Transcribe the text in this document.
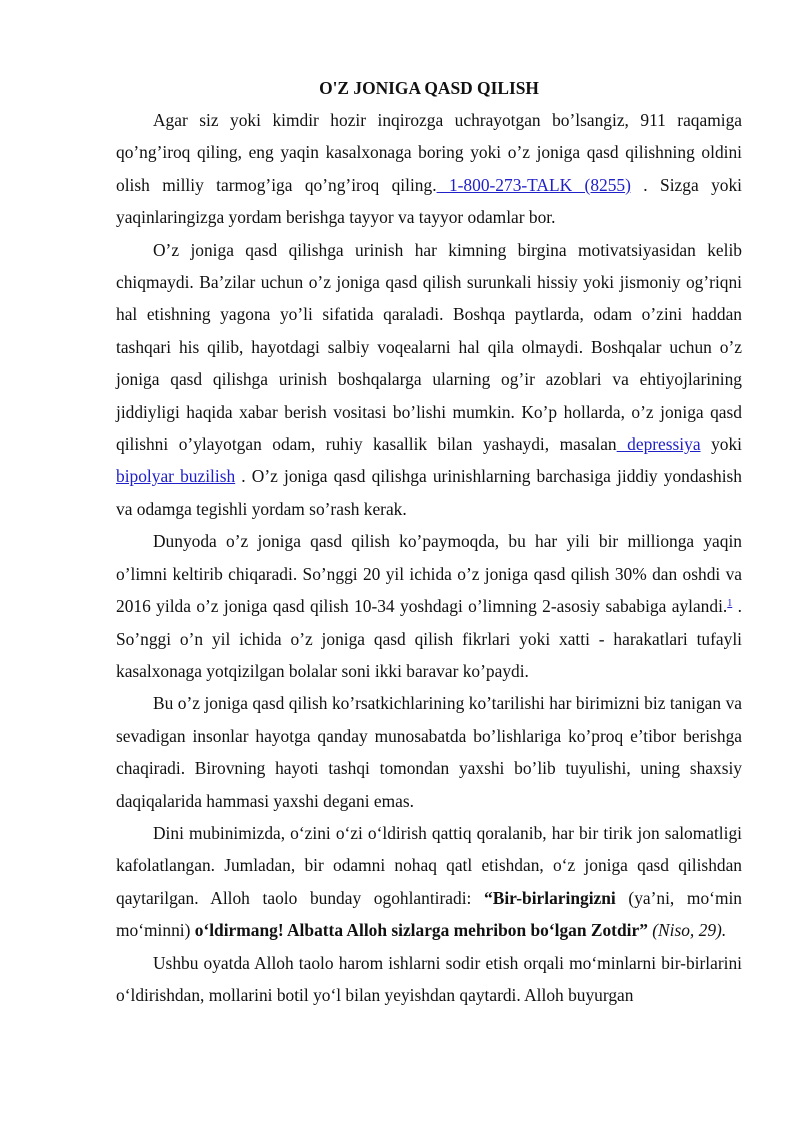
O'Z JONIGA QASD QILISH

Agar siz yoki kimdir hozir inqirozga uchrayotgan bo’lsangiz, 911 raqamiga qo’ng’iroq qiling, eng yaqin kasalxonaga boring yoki o’z joniga qasd qilishning oldini olish milliy tarmog’iga qo’ng’iroq qiling. 1-800-273-TALK (8255) . Sizga yoki yaqinlaringizga yordam berishga tayyor va tayyor odamlar bor.

O’z joniga qasd qilishga urinish har kimning birgina motivatsiyasidan kelib chiqmaydi. Ba’zilar uchun o’z joniga qasd qilish surunkali hissiy yoki jismoniy og’riqni hal etishning yagona yo’li sifatida qaraladi. Boshqa paytlarda, odam o’zini haddan tashqari his qilib, hayotdagi salbiy voqealarni hal qila olmaydi. Boshqalar uchun o’z joniga qasd qilishga urinish boshqalarga ularning og’ir azoblari va ehtiyojlarining jiddiyligi haqida xabar berish vositasi bo’lishi mumkin. Ko’p hollarda, o’z joniga qasd qilishni o’ylayotgan odam, ruhiy kasallik bilan yashaydi, masalan depressiya yoki bipolyar buzilish . O’z joniga qasd qilishga urinishlarning barchasiga jiddiy yondashish va odamga tegishli yordam so’rash kerak.

Dunyoda o’z joniga qasd qilish ko’paymoqda, bu har yili bir millionga yaqin o’limni keltirib chiqaradi. So’nggi 20 yil ichida o’z joniga qasd qilish 30% dan oshdi va 2016 yilda o’z joniga qasd qilish 10-34 yoshdagi o’limning 2-asosiy sababiga aylandi.$^1$ . So’nggi o’n yil ichida o’z joniga qasd qilish fikrlari yoki xatti - harakatlari tufayli kasalxonaga yotqizilgan bolalar soni ikki baravar ko’paydi.

Bu o’z joniga qasd qilish ko’rsatkichlarining ko’tarilishi har birimizni biz tanigan va sevadigan insonlar hayotga qanday munosabatda bo’lishlariga ko’proq e’tibor berishga chaqiradi. Birovning hayoti tashqi tomondan yaxshi bo’lib tuyulishi, uning shaxsiy daqiqalarida hammasi yaxshi degani emas.

Dini mubinimizda, o‘zini o‘zi o‘ldirish qattiq qoralanib, har bir tirik jon salomatligi kafolatlangan. Jumladan, bir odamni nohaq qatl etishdan, o‘z joniga qasd qilishdan qaytarilgan. Alloh taolo bunday ogohlantiradi: “Bir-birlaringizni (ya’ni, mo‘min mo‘minni) o‘ldirmang! Albatta Alloh sizlarga mehribon bo‘lgan Zotdir” (Niso, 29).

Ushbu oyatda Alloh taolo harom ishlarni sodir etish orqali mo‘minlarni bir-birlarini o‘ldirishdan, mollarini botil yo‘l bilan yeyishdan qaytardi. Alloh buyurgan
